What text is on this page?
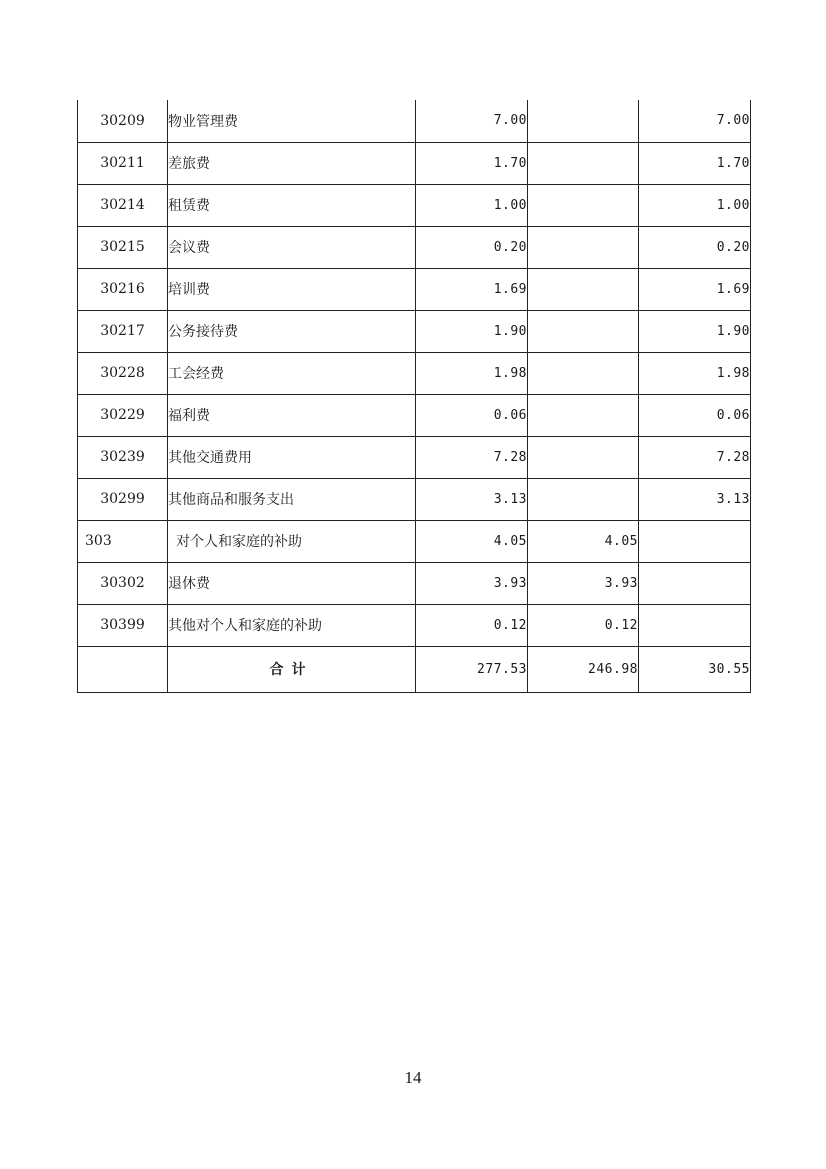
30209	物业管理费	7.00		7.00
30211	差旅费	1.70		1.70
30214	租赁费	1.00		1.00
30215	会议费	0.20		0.20
30216	培训费	1.69		1.69
30217	公务接待费	1.90		1.90
30228	工会经费	1.98		1.98
30229	福利费	0.06		0.06
30239	其他交通费用	7.28		7.28
30299	其他商品和服务支出	3.13		3.13
303	对个人和家庭的补助	4.05	4.05	
30302	退休费	3.93	3.93	
30399	其他对个人和家庭的补助	0.12	0.12	
	合计	277.53	246.98	30.55
14
